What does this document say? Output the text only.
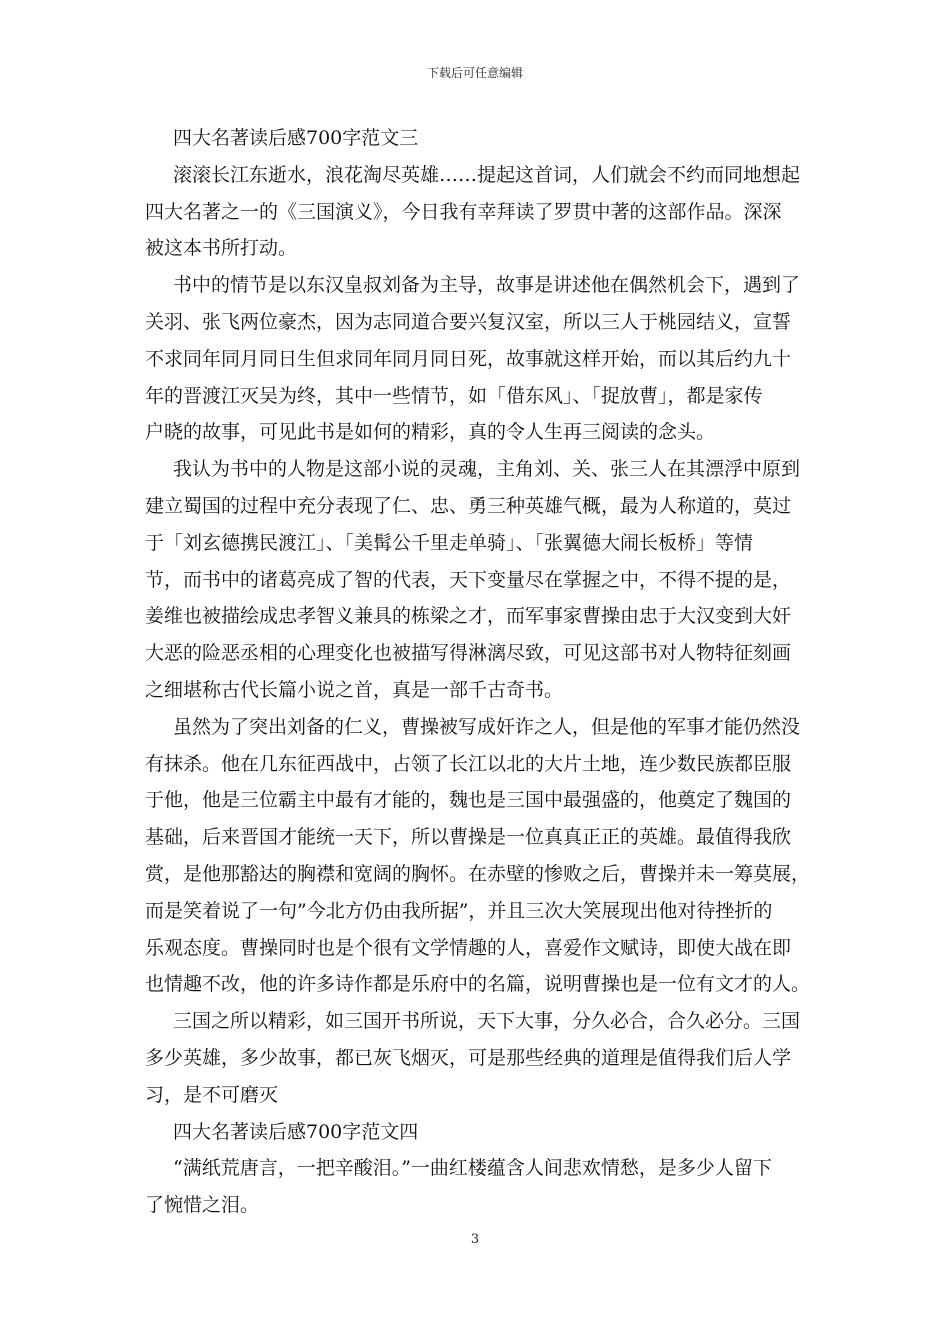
下载后可任意编辑
四大名著读后感700字范文三
滚滚长江东逝水，浪花淘尽英雄……提起这首词，人们就会不约而同地想起
四大名著之一的《三国演义》，今日我有幸拜读了罗贯中著的这部作品。深深
被这本书所打动。
书中的情节是以东汉皇叔刘备为主导，故事是讲述他在偶然机会下，遇到了
关羽、张飞两位豪杰，因为志同道合要兴复汉室，所以三人于桃园结义，宣誓
不求同年同月同日生但求同年同月同日死，故事就这样开始，而以其后约九十
年的晋渡江灭吴为终，其中一些情节，如「借东风」、「捉放曹」，都是家传
户晓的故事，可见此书是如何的精彩，真的令人生再三阅读的念头。
我认为书中的人物是这部小说的灵魂，主角刘、关、张三人在其漂浮中原到
建立蜀国的过程中充分表现了仁、忠、勇三种英雄气概，最为人称道的，莫过
于「刘玄德携民渡江」、「美髯公千里走单骑」、「张翼德大闹长板桥」等情
节，而书中的诸葛亮成了智的代表，天下变量尽在掌握之中，不得不提的是，
姜维也被描绘成忠孝智义兼具的栋梁之才，而军事家曹操由忠于大汉变到大奸
大恶的险恶丞相的心理变化也被描写得淋漓尽致，可见这部书对人物特征刻画
之细堪称古代长篇小说之首，真是一部千古奇书。
虽然为了突出刘备的仁义，曹操被写成奸诈之人，但是他的军事才能仍然没
有抹杀。他在几东征西战中，占领了长江以北的大片土地，连少数民族都臣服
于他，他是三位霸主中最有才能的，魏也是三国中最强盛的，他奠定了魏国的
基础，后来晋国才能统一天下，所以曹操是一位真真正正的英雄。最值得我欣
赏，是他那豁达的胸襟和宽阔的胸怀。在赤壁的惨败之后，曹操并未一筹莫展，
而是笑着说了一句”今北方仍由我所据”，并且三次大笑展现出他对待挫折的
乐观态度。曹操同时也是个很有文学情趣的人，喜爱作文赋诗，即使大战在即
也情趣不改，他的许多诗作都是乐府中的名篇，说明曹操也是一位有文才的人。
三国之所以精彩，如三国开书所说，天下大事，分久必合，合久必分。三国
多少英雄，多少故事，都已灰飞烟灭，可是那些经典的道理是值得我们后人学
习，是不可磨灭
四大名著读后感700字范文四
“满纸荒唐言，一把辛酸泪。”一曲红楼蕴含人间悲欢情愁，是多少人留下
了惋惜之泪。
3
